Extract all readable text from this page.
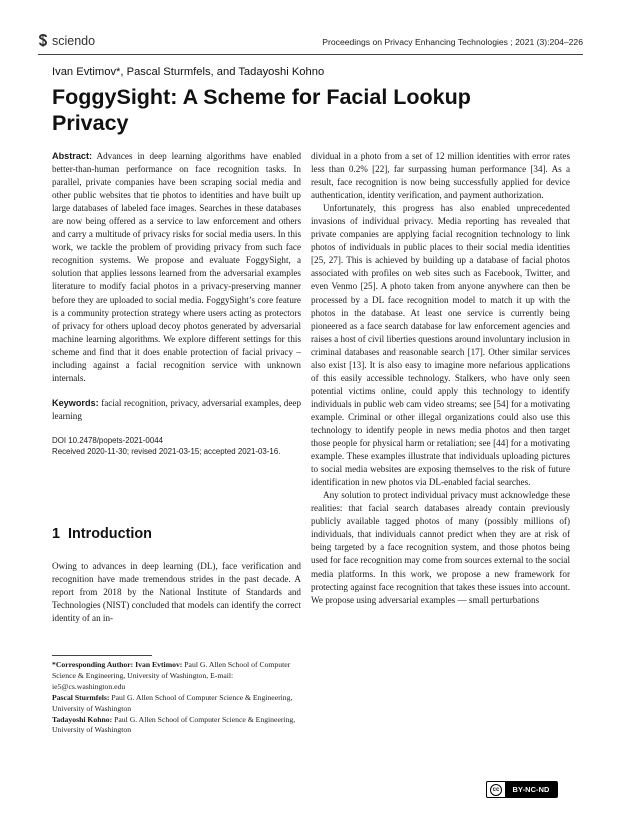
sciendo	Proceedings on Privacy Enhancing Technologies ; 2021 (3):204–226
Ivan Evtimov*, Pascal Sturmfels, and Tadayoshi Kohno
FoggySight: A Scheme for Facial Lookup Privacy

Abstract: Advances in deep learning algorithms have enabled better-than-human performance on face recognition tasks. In parallel, private companies have been scraping social media and other public websites that tie photos to identities and have built up large databases of labeled face images. Searches in these databases are now being offered as a service to law enforcement and others and carry a multitude of privacy risks for social media users. In this work, we tackle the problem of providing privacy from such face recognition systems. We propose and evaluate FoggySight, a solution that applies lessons learned from the adversarial examples literature to modify facial photos in a privacy-preserving manner before they are uploaded to social media. FoggySight’s core feature is a community protection strategy where users acting as protectors of privacy for others upload decoy photos generated by adversarial machine learning algorithms. We explore different settings for this scheme and find that it does enable protection of facial privacy – including against a facial recognition service with unknown internals.

Keywords: facial recognition, privacy, adversarial examples, deep learning

DOI 10.2478/popets-2021-0044
Received 2020-11-30; revised 2021-03-15; accepted 2021-03-16.
1 Introduction

Owing to advances in deep learning (DL), face verification and recognition have made tremendous strides in the past decade. A report from 2018 by the National Institute of Standards and Technologies (NIST) concluded that models can identify the correct identity of an in-

*Corresponding Author: Ivan Evtimov: Paul G. Allen School of Computer Science & Engineering, University of Washington, E-mail: ie5@cs.washington.edu

Pascal Sturmfels: Paul G. Allen School of Computer Science & Engineering, University of Washington

Tadayoshi Kohno: Paul G. Allen School of Computer Science & Engineering, University of Washington

dividual in a photo from a set of 12 million identities with error rates less than 0.2% [22], far surpassing human performance [34]. As a result, face recognition is now being successfully applied for device authentication, identity verification, and payment authorization.

Unfortunately, this progress has also enabled unprecedented invasions of individual privacy. Media reporting has revealed that private companies are applying facial recognition technology to link photos of individuals in public places to their social media identities [25, 27]. This is achieved by building up a database of facial photos associated with profiles on web sites such as Facebook, Twitter, and even Venmo [25]. A photo taken from anyone anywhere can then be processed by a DL face recognition model to match it up with the photos in the database. At least one service is currently being pioneered as a face search database for law enforcement agencies and raises a host of civil liberties questions around involuntary inclusion in criminal databases and reasonable search [17]. Other similar services also exist [13]. It is also easy to imagine more nefarious applications of this easily accessible technology. Stalkers, who have only seen potential victims online, could apply this technology to identify individuals in public web cam video streams; see [54] for a motivating example. Criminal or other illegal organizations could also use this technology to identify people in news media photos and then target those people for physical harm or retaliation; see [44] for a motivating example. These examples illustrate that individuals uploading pictures to social media websites are exposing themselves to the risk of future identification in new photos via DL-enabled facial searches.

Any solution to protect individual privacy must acknowledge these realities: that facial search databases already contain previously publicly available tagged photos of many (possibly millions of) individuals, that individuals cannot predict when they are at risk of being targeted by a face recognition system, and those photos being used for face recognition may come from sources external to the social media platforms. In this work, we propose a new framework for protecting against face recognition that takes these issues into account. We propose using adversarial examples — small perturbations

cc	BY-NC-ND
